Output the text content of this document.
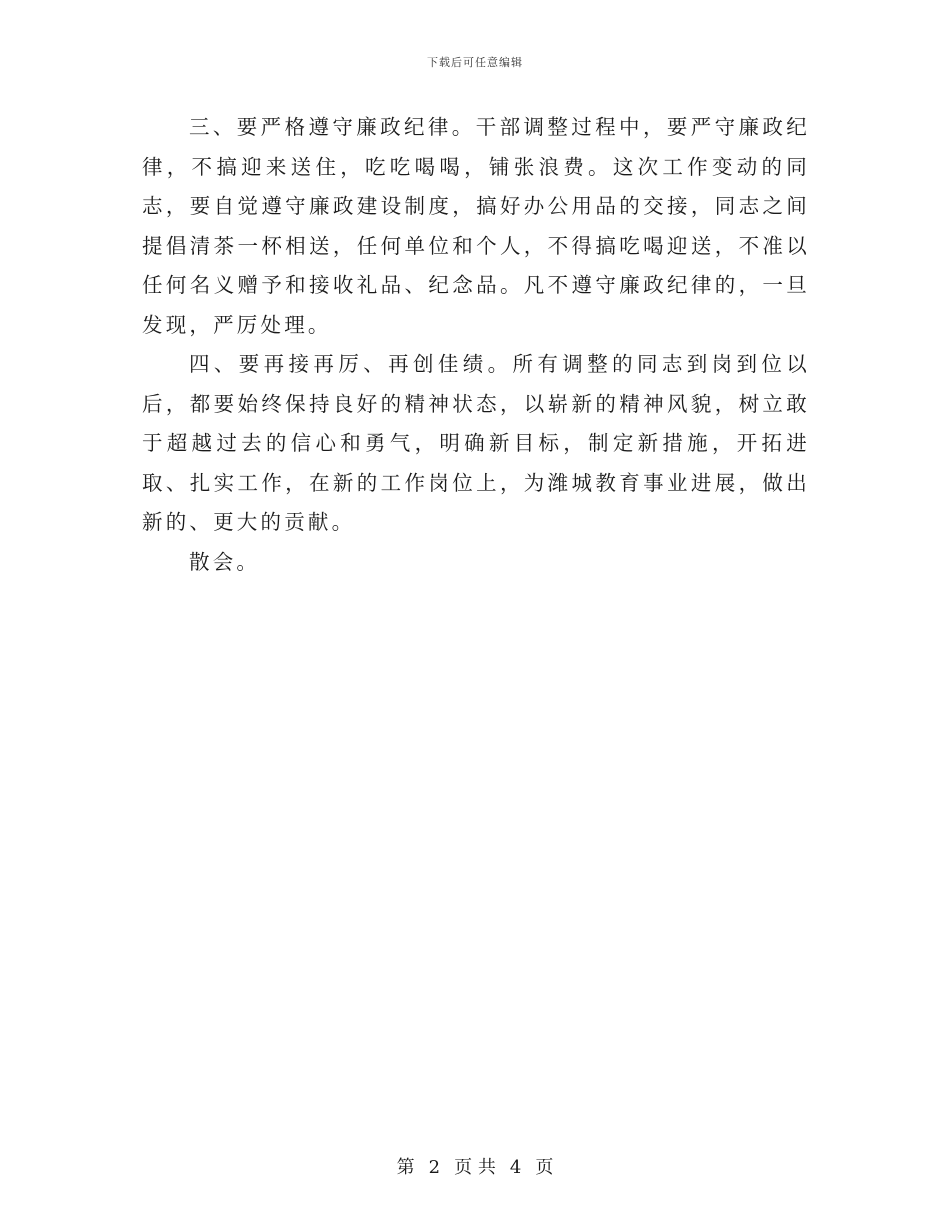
下载后可任意编辑

三、要严格遵守廉政纪律。干部调整过程中，要严守廉政纪律，不搞迎来送住，吃吃喝喝，铺张浪费。这次工作变动的同志，要自觉遵守廉政建设制度，搞好办公用品的交接，同志之间提倡清茶一杯相送，任何单位和个人，不得搞吃喝迎送，不准以任何名义赠予和接收礼品、纪念品。凡不遵守廉政纪律的，一旦发现，严厉处理。

四、要再接再厉、再创佳绩。所有调整的同志到岗到位以后，都要始终保持良好的精神状态，以崭新的精神风貌，树立敢于超越过去的信心和勇气，明确新目标，制定新措施，开拓进取、扎实工作，在新的工作岗位上，为潍城教育事业进展，做出新的、更大的贡献。

散会。

第 2 页 共 4 页
